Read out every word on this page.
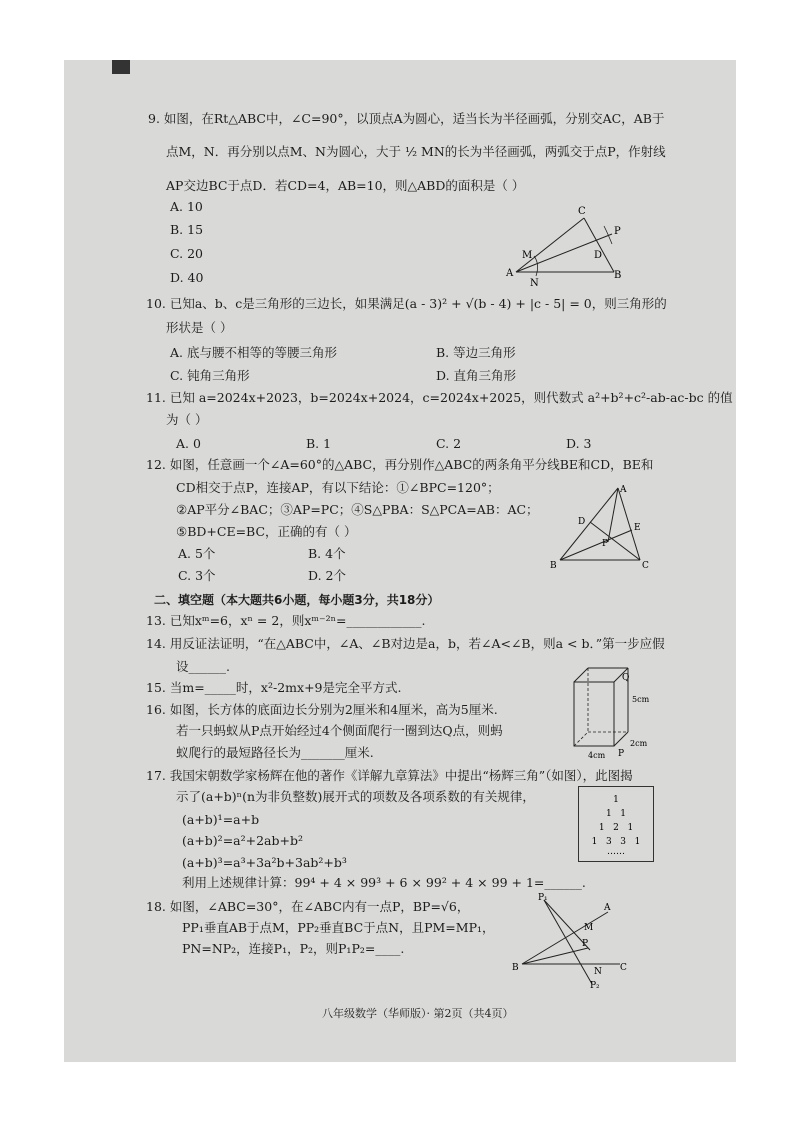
9. 如图，在Rt△ABC中，∠C=90°，以顶点A为圆心，适当长为半径画弧，分别交AC，AB于
点M，N．再分别以点M、N为圆心，大于 ½ MN的长为半径画弧，两弧交于点P，作射线
AP交边BC于点D．若CD=4，AB=10，则△ABD的面积是（ ）
A. 10
B. 15
C. 20
D. 40
C
P
M	D
A
N
B
10. 已知a、b、c是三角形的三边长，如果满足(a - 3)² + √(b - 4) + |c - 5| = 0，则三角形的
形状是（ ）
A. 底与腰不相等的等腰三角形	B. 等边三角形
C. 钝角三角形	D. 直角三角形
11. 已知 a=2024x+2023，b=2024x+2024，c=2024x+2025，则代数式 a²+b²+c²-ab-ac-bc 的值
为（ ）
A. 0	B. 1	C. 2	D. 3
12. 如图，任意画一个∠A=60°的△ABC，再分别作△ABC的两条角平分线BE和CD，BE和
CD相交于点P，连接AP，有以下结论：①∠BPC=120°；
②AP平分∠BAC；③AP=PC；④S△PBA：S△PCA=AB：AC；
⑤BD+CE=BC，正确的有（ ）
A. 5个	B. 4个
C. 3个	D. 2个
A
D
E
P
B	C
二、填空题（本大题共6小题，每小题3分，共18分）
13. 已知xᵐ=6，xⁿ = 2，则xᵐ⁻²ⁿ=____________.
14. 用反证法证明，“在△ABC中，∠A、∠B对边是a，b，若∠A<∠B，则a < b．”第一步应假
设______.
15. 当m=_____时，x²-2mx+9是完全平方式.
16. 如图，长方体的底面边长分别为2厘米和4厘米，高为5厘米.
若一只蚂蚁从P点开始经过4个侧面爬行一圈到达Q点，则蚂
蚁爬行的最短路径长为_______厘米.
Q
P
5cm
2cm
4cm
17. 我国宋朝数学家杨辉在他的著作《详解九章算法》中提出“杨辉三角”（如图），此图揭
示了(a+b)ⁿ(n为非负整数)展开式的项数及各项系数的有关规律，
(a+b)¹=a+b
(a+b)²=a²+2ab+b²
(a+b)³=a³+3a²b+3ab²+b³
利用上述规律计算：99⁴ + 4 × 99³ + 6 × 99² + 4 × 99 + 1=______.
1
1   1
1   2   1
1   3   3   1
……
18. 如图，∠ABC=30°，在∠ABC内有一点P，BP=√6，
PP₁垂直AB于点M，PP₂垂直BC于点N，且PM=MP₁，
PN=NP₂，连接P₁，P₂，则P₁P₂=____.
P₁
A
M
P
B	N C
P₂
八年级数学（华师版）· 第2页（共4页）
